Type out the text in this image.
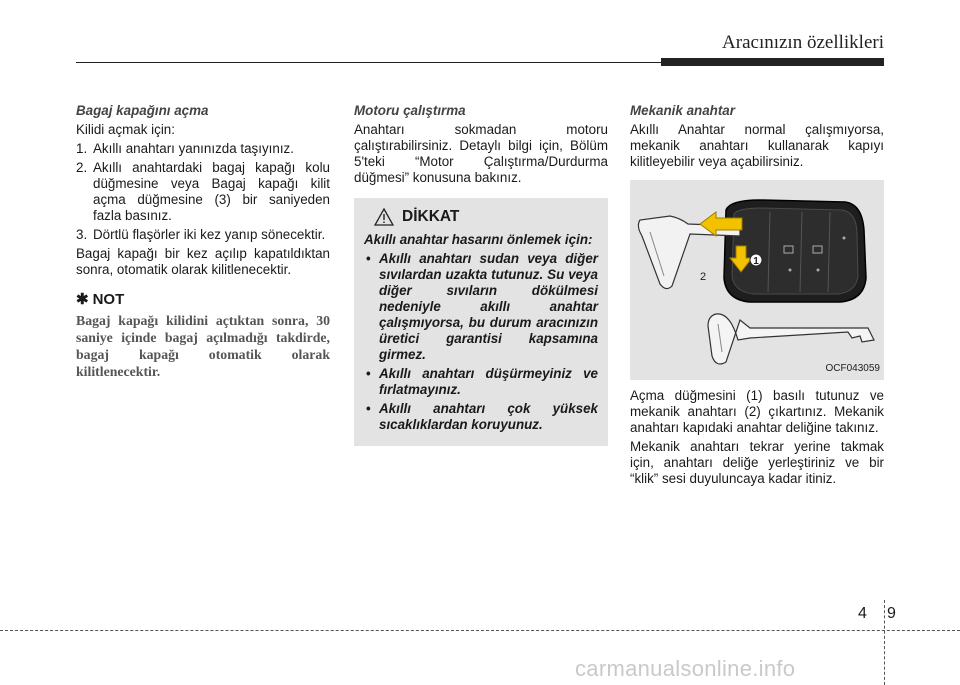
Aracınızın özellikleri
Bagaj kapağını açma
Kilidi açmak için:
1. Akıllı anahtarı yanınızda taşıyınız.
2. Akıllı anahtardaki bagaj kapağı kolu düğmesine veya Bagaj kapağı kilit açma düğmesine (3) bir saniyeden fazla basınız.
3. Dörtlü flaşörler iki kez yanıp sönecektir.
Bagaj kapağı bir kez açılıp kapatıldıktan sonra, otomatik olarak kilitlenecektir.
✱ NOT
Bagaj kapağı kilidini açtıktan sonra, 30 saniye içinde bagaj açılmadığı takdirde, bagaj kapağı otomatik olarak kilitlenecektir.
Motoru çalıştırma
Anahtarı sokmadan motoru çalıştırabilirsiniz. Detaylı bilgi için, Bölüm 5'teki “Motor Çalıştırma/Durdurma düğmesi” konusuna bakınız.
DİKKAT
Akıllı anahtar hasarını önlemek için:
• Akıllı anahtarı sudan veya diğer sıvılardan uzakta tutunuz. Su veya diğer sıvıların dökülmesi nedeniyle akıllı anahtar çalışmıyorsa, bu durum aracınızın üretici garantisi kapsamına girmez.
• Akıllı anahtarı düşürmeyiniz ve fırlatmayınız.
• Akıllı anahtarı çok yüksek sıcaklıklardan koruyunuz.
Mekanik anahtar
Akıllı Anahtar normal çalışmıyorsa, mekanik anahtarı kullanarak kapıyı kilitleyebilir veya açabilirsiniz.
1
2
OCF043059
Açma düğmesini (1) basılı tutunuz ve mekanik anahtarı (2) çıkartınız. Mekanik anahtarı kapıdaki anahtar deliğine takınız.
Mekanik anahtarı tekrar yerine takmak için, anahtarı deliğe yerleştiriniz ve bir “klik” sesi duyuluncaya kadar itiniz.
4 9
carmanualsonline.info
